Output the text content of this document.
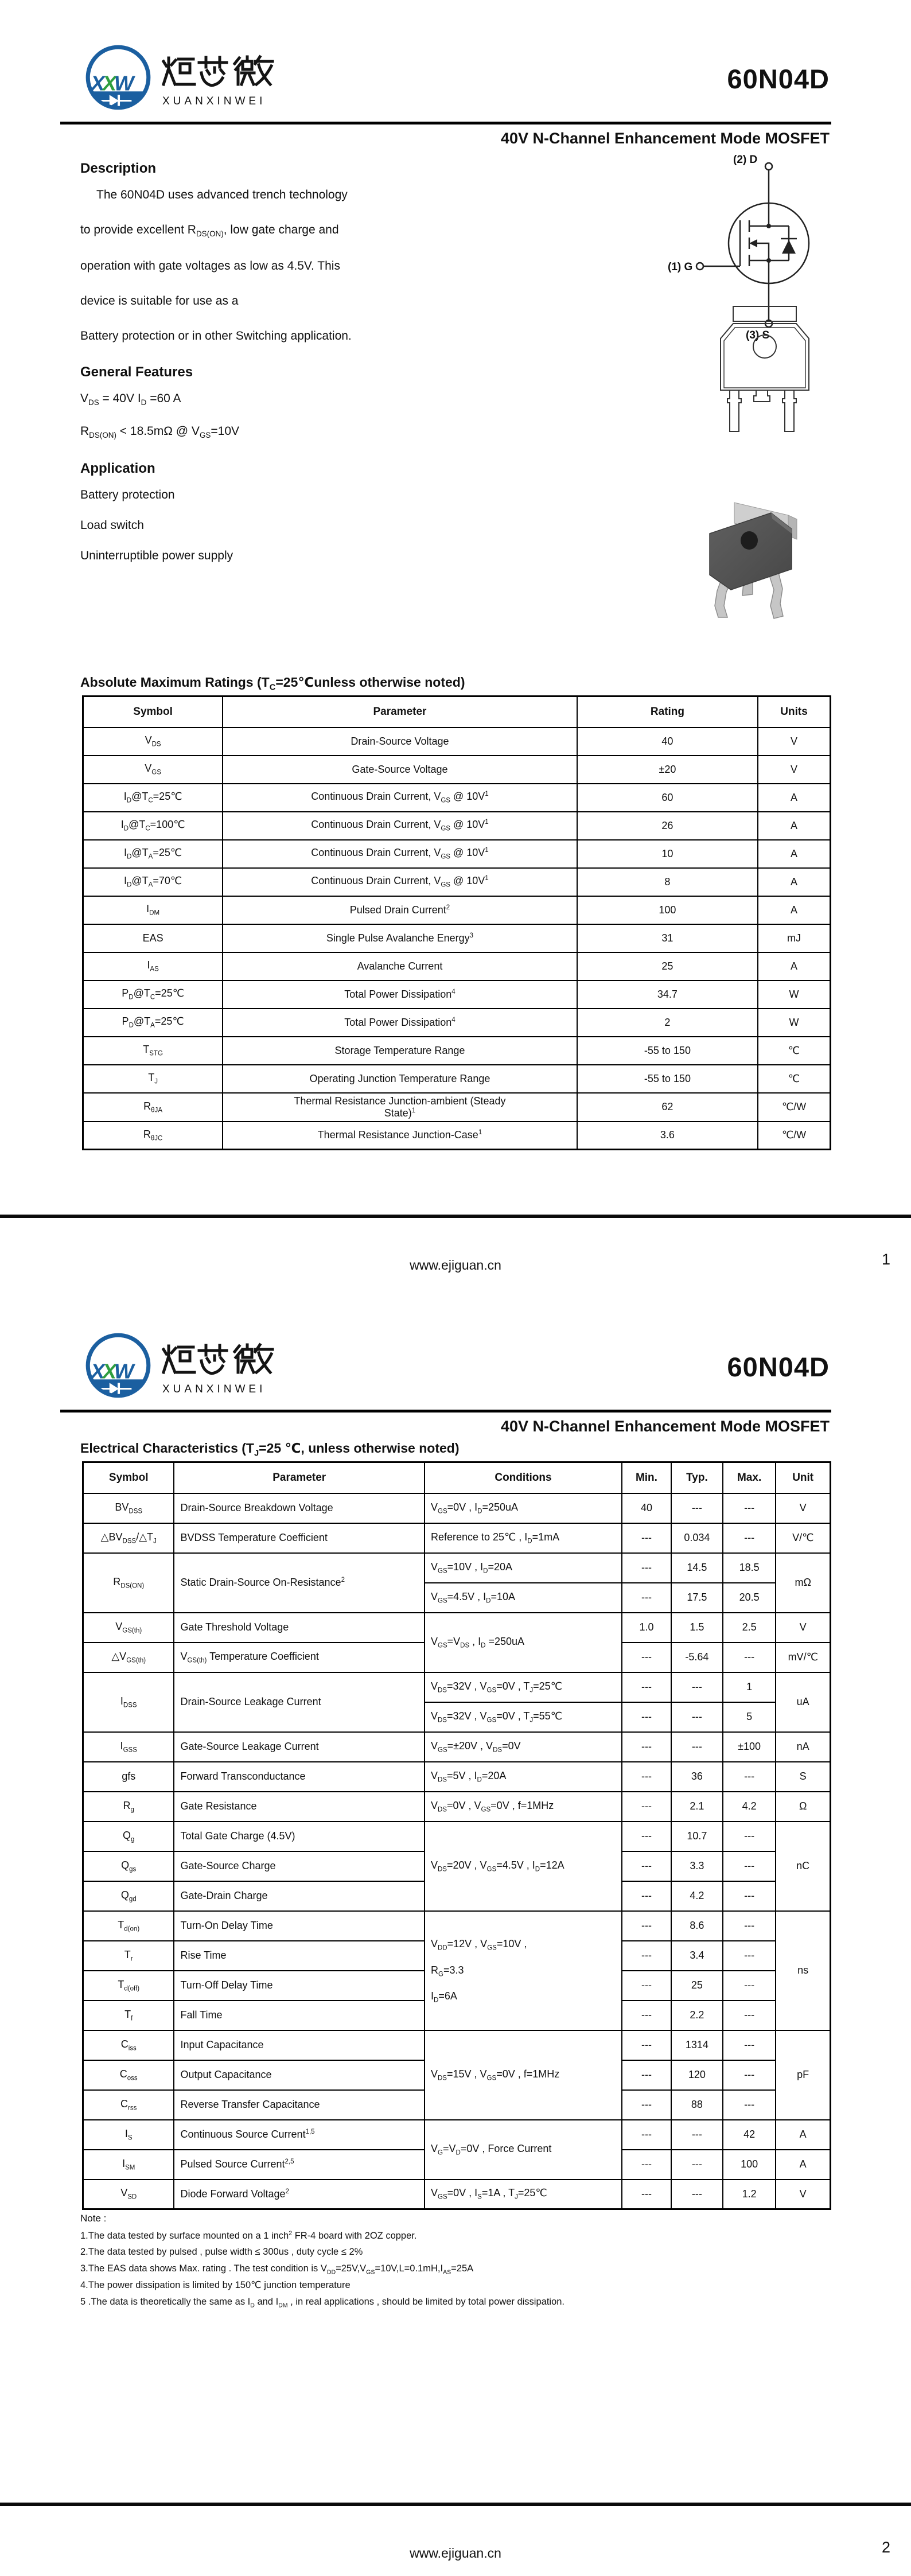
XXW
XUANXINWEI
60N04D
40V N-Channel Enhancement Mode MOSFET
Description
The 60N04D uses advanced trench technology
to provide excellent $R_{DS(ON)}$, low gate charge and
operation with gate voltages as low as 4.5V. This
device is suitable for use as a
Battery protection or in other Switching application.
General Features
$V_{DS} = 40V$ $I_D =60$ A
$R_{DS(ON)} < 18.5m\Omega$ @ $V_{GS}=10V$
Application
Battery protection
Load switch
Uninterruptible power supply
(2) D
(1) G
(3) S
Absolute Maximum Ratings ($T_C=25℃unless$ otherwise noted)
Symbol	Parameter	Rating	Units
$V_{DS}$	Drain-Source Voltage	40	V
$V_{GS}$	Gate-Source Voltage	±20	V
$I_D@T_C=25℃$	Continuous Drain Current, $V_{GS}$ @ $10V^1$	60	A
$I_D@T_C=100℃$	Continuous Drain Current, $V_{GS}$ @ $10V^1$	26	A
$I_D@T_A=25℃$	Continuous Drain Current, $V_{GS}$ @ $10V^1$	10	A
$I_D@T_A=70℃$	Continuous Drain Current, $V_{GS}$ @ $10V^1$	8	A
$I_{DM}$	Pulsed Drain Current$^2$	100	A
EAS	Single Pulse Avalanche Energy$^3$	31	mJ
$I_{AS}$	Avalanche Current	25	A
$P_D@T_C=25℃$	Total Power Dissipation$^4$	34.7	W
$P_D@T_A=25℃$	Total Power Dissipation$^4$	2	W
$T_{STG}$	Storage Temperature Range	-55 to 150	℃
$T_J$	Operating Junction Temperature Range	-55 to 150	℃
$R_{\theta JA}$	Thermal Resistance Junction-ambient (Steady
State)$^1$	62	℃/W
$R_{\theta JC}$	Thermal Resistance Junction-Case$^1$	3.6	℃/W
www.ejiguan.cn	1
XXW
XUANXINWEI
60N04D
40V N-Channel Enhancement Mode MOSFET
Electrical Characteristics ($T_J=25$ ℃, unless otherwise noted)
Symbol	Parameter	Conditions	Min.	Typ.	Max.	Unit
$BV_{DSS}$	Drain-Source Breakdown Voltage	$V_{GS}=0V$ , $I_D=250uA$	40	---	---	V
$\triangle BV_{DSS}/\triangle T_J$	BVDSS Temperature Coefficient	Reference to 25℃ , $I_D=1mA$	---	0.034	---	V/℃
$R_{DS(ON)}$	Static Drain-Source On-Resistance$^2$	$V_{GS}=10V$ , $I_D=20A$	---	14.5	18.5	mΩ
		$V_{GS}=4.5V$ , $I_D=10A$	---	17.5	20.5	
$V_{GS(th)}$	Gate Threshold Voltage	$V_{GS}=V_{DS}$ , $I_D =250uA$	1.0	1.5	2.5	V
$\triangle V_{GS(th)}$	$V_{GS(th)}$ Temperature Coefficient		---	-5.64	---	mV/℃
$I_{DSS}$	Drain-Source Leakage Current	$V_{DS}=32V$ , $V_{GS}=0V$ , $T_J=25℃$	---	---	1	uA
		$V_{DS}=32V$ , $V_{GS}=0V$ , $T_J=55℃$	---	---	5	
$I_{GSS}$	Gate-Source Leakage Current	$V_{GS}=\pm 20V$ , $V_{DS}=0V$	---	---	±100	nA
gfs	Forward Transconductance	$V_{DS}=5V$ , $I_D=20A$	---	36	---	S
$R_g$	Gate Resistance	$V_{DS}=0V$ , $V_{GS}=0V$ , f=1MHz	---	2.1	4.2	Ω
$Q_g$	Total Gate Charge (4.5V)	$V_{DS}=20V$ , $V_{GS}=4.5V$ , $I_D=12A$	---	10.7	---	nC
$Q_{gs}$	Gate-Source Charge		---	3.3	---	
$Q_{gd}$	Gate-Drain Charge		---	4.2	---	
$T_{d(on)}$	Turn-On Delay Time	$V_{DD}=12V$ , $V_{GS}=10V$ ,
$R_G=3.3$
$I_D=6A$	---	8.6	---	ns
$T_r$	Rise Time		---	3.4	---	
$T_{d(off)}$	Turn-Off Delay Time		---	25	---	
$T_f$	Fall Time		---	2.2	---	
$C_{iss}$	Input Capacitance	$V_{DS}=15V$ , $V_{GS}=0V$ , f=1MHz	---	1314	---	pF
$C_{oss}$	Output Capacitance		---	120	---	
$C_{rss}$	Reverse Transfer Capacitance		---	88	---	
$I_S$	Continuous Source Current$^{1,5}$	$V_G=V_D=0V$ , Force Current	---	---	42	A
$I_{SM}$	Pulsed Source Current$^{2,5}$		---	---	100	A
$V_{SD}$	Diode Forward Voltage$^2$	$V_{GS}=0V$ , $I_S=1A$ , $T_J=25℃$	---	---	1.2	V
Note :
1.The data tested by surface mounted on a 1 inch$^2$ FR-4 board with 2OZ copper.
2.The data tested by pulsed , pulse width ≤ 300us , duty cycle ≤ 2%
3.The EAS data shows Max. rating . The test condition is $V_{DD}=25V,V_{GS}=10V,L=0.1mH,I_{AS}=25A$
4.The power dissipation is limited by 150℃ junction temperature
5 .The data is theoretically the same as $I_D$ and $I_{DM}$ , in real applications , should be limited by total power dissipation.
www.ejiguan.cn	2
